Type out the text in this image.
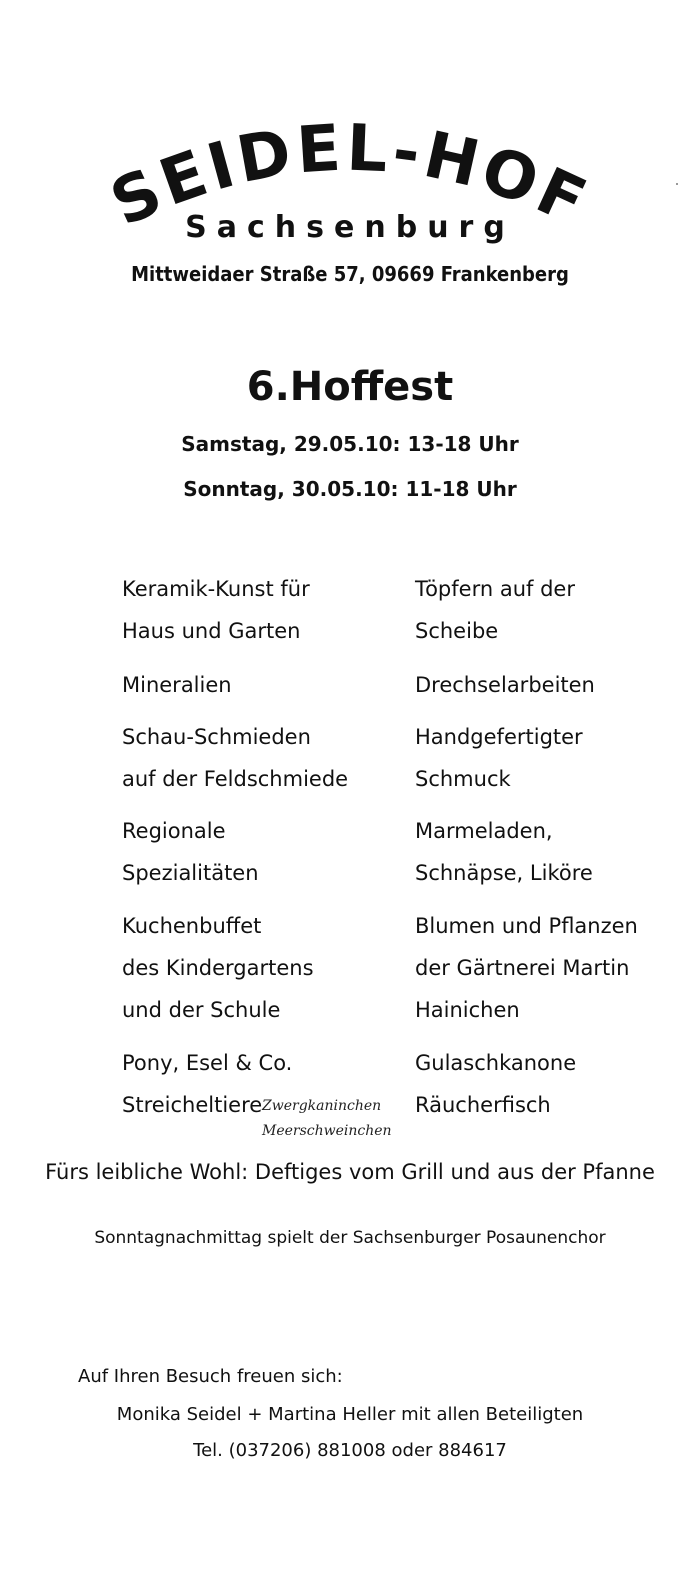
SEIDEL-HOF
Sachsenburg
Mittweidaer Straße 57, 09669 Frankenberg
6.Hoffest
Samstag, 29.05.10: 13-18 Uhr
Sonntag, 30.05.10: 11-18 Uhr
Keramik-Kunst für
Haus und Garten
Mineralien
Schau-Schmieden
auf der Feldschmiede
Regionale
Spezialitäten
Kuchenbuffet
des Kindergartens
und der Schule
Pony, Esel & Co.
Streicheltiere
Töpfern auf der
Scheibe
Drechselarbeiten
Handgefertigter
Schmuck
Marmeladen,
Schnäpse, Liköre
Blumen und Pflanzen
der Gärtnerei Martin
Hainichen
Gulaschkanone
Räucherfisch
Zwergkaninchen
Meerschweinchen
Fürs leibliche Wohl: Deftiges vom Grill und aus der Pfanne
Sonntagnachmittag spielt der Sachsenburger Posaunenchor
Auf Ihren Besuch freuen sich:
Monika Seidel + Martina Heller mit allen Beteiligten
Tel. (037206) 881008 oder 884617
